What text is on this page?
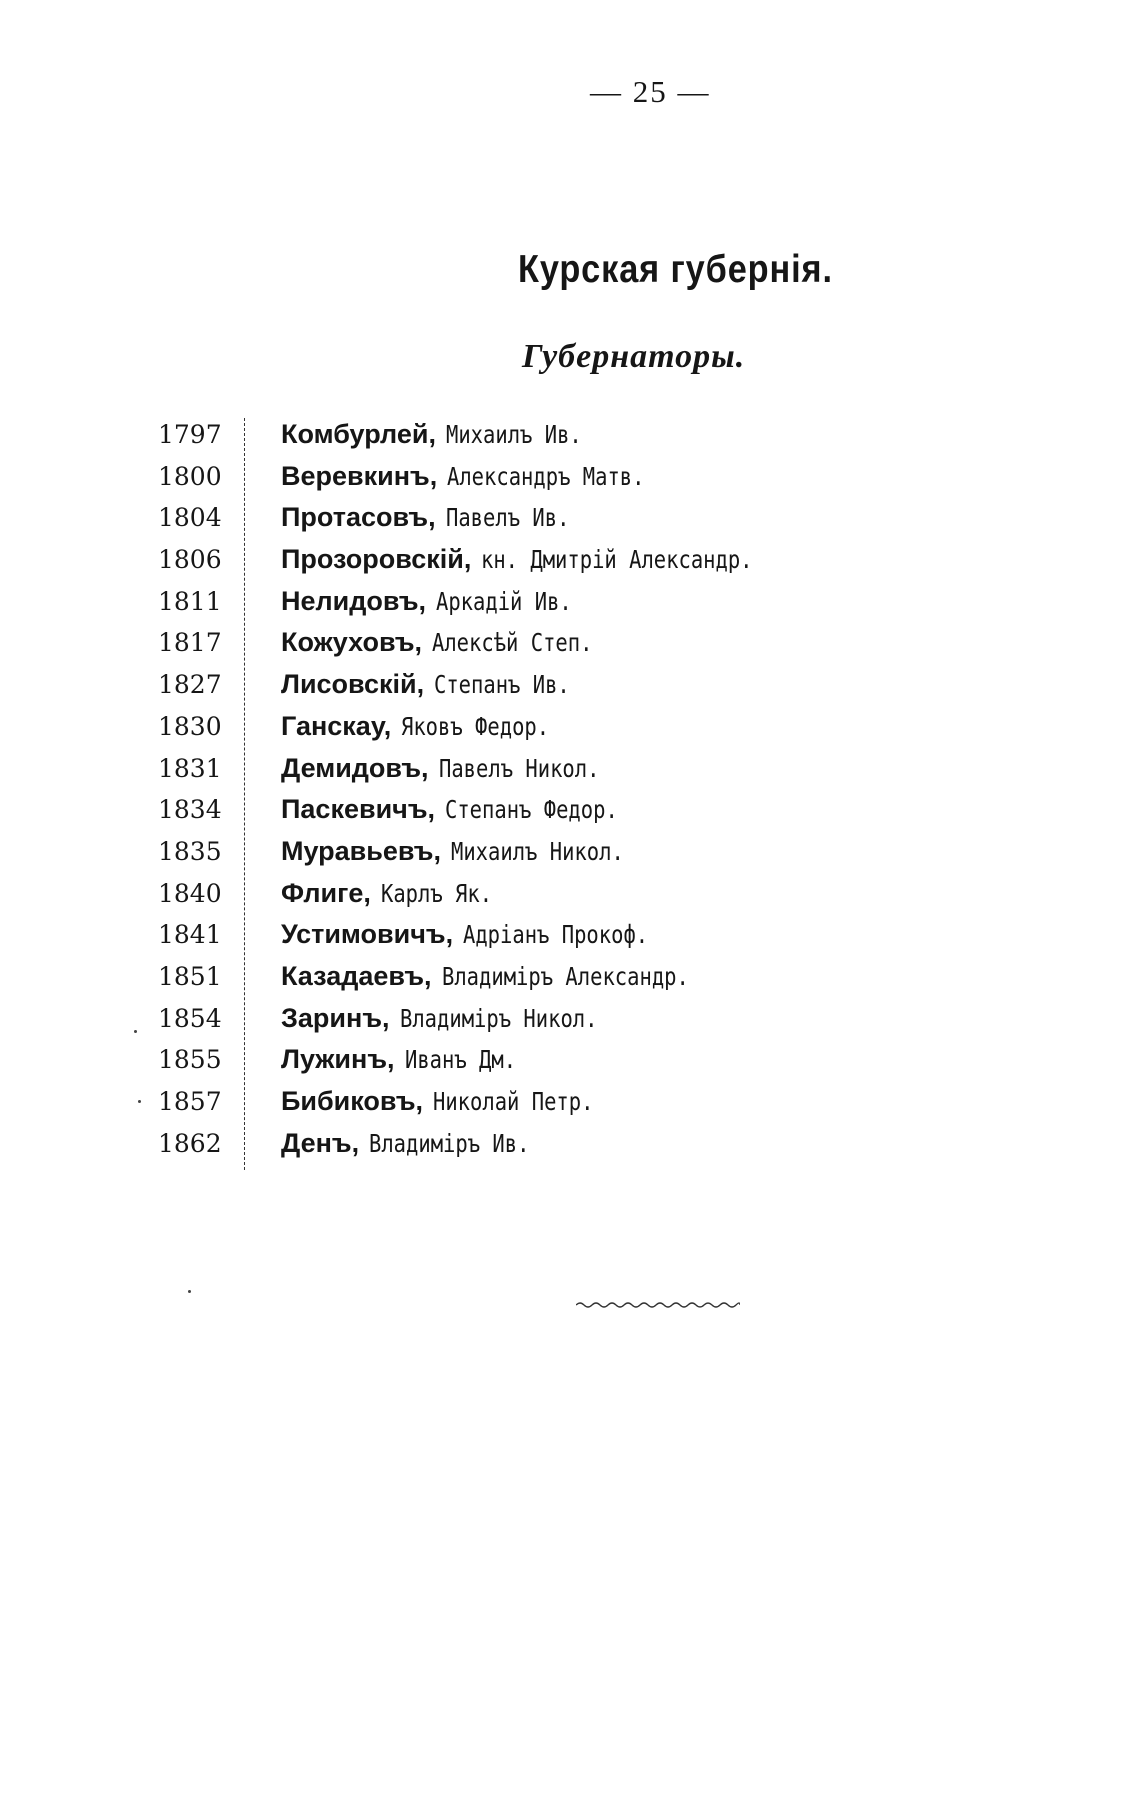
— 25 —
Курская губернія.
Губернаторы.
1797	Комбурлей, Михаилъ Ив.
1800	Веревкинъ, Александръ Матв.
1804	Протасовъ, Павелъ Ив.
1806	Прозоровскій, кн. Дмитрій Александр.
1811	Нелидовъ, Аркадій Ив.
1817	Кожуховъ, Алексѣй Степ.
1827	Лисовскій, Степанъ Ив.
1830	Ганскау, Яковъ Федор.
1831	Демидовъ, Павелъ Никол.
1834	Паскевичъ, Степанъ Федор.
1835	Муравьевъ, Михаилъ Никол.
1840	Флиге, Карлъ Як.
1841	Устимовичъ, Адріанъ Прокоф.
1851	Казадаевъ, Владиміръ Александр.
1854	Заринъ, Владиміръ Никол.
1855	Лужинъ, Иванъ Дм.
1857	Бибиковъ, Николай Петр.
1862	Денъ, Владиміръ Ив.
